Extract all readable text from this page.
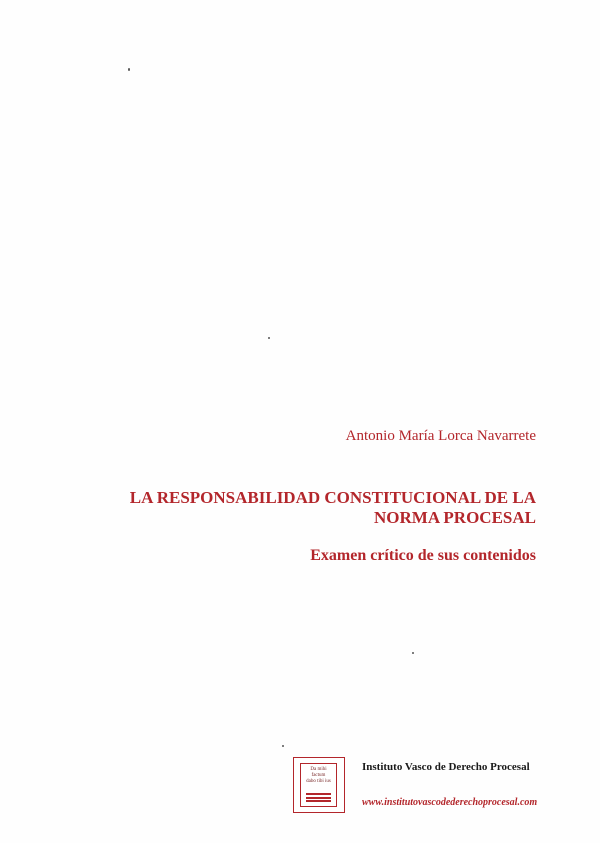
Antonio María Lorca Navarrete
LA RESPONSABILIDAD CONSTITUCIONAL DE LA NORMA PROCESAL
Examen crítico de sus contenidos
Da mihi
factum
dabo tibi ius
Instituto Vasco de Derecho Procesal
www.institutovascodederechoprocesal.com
